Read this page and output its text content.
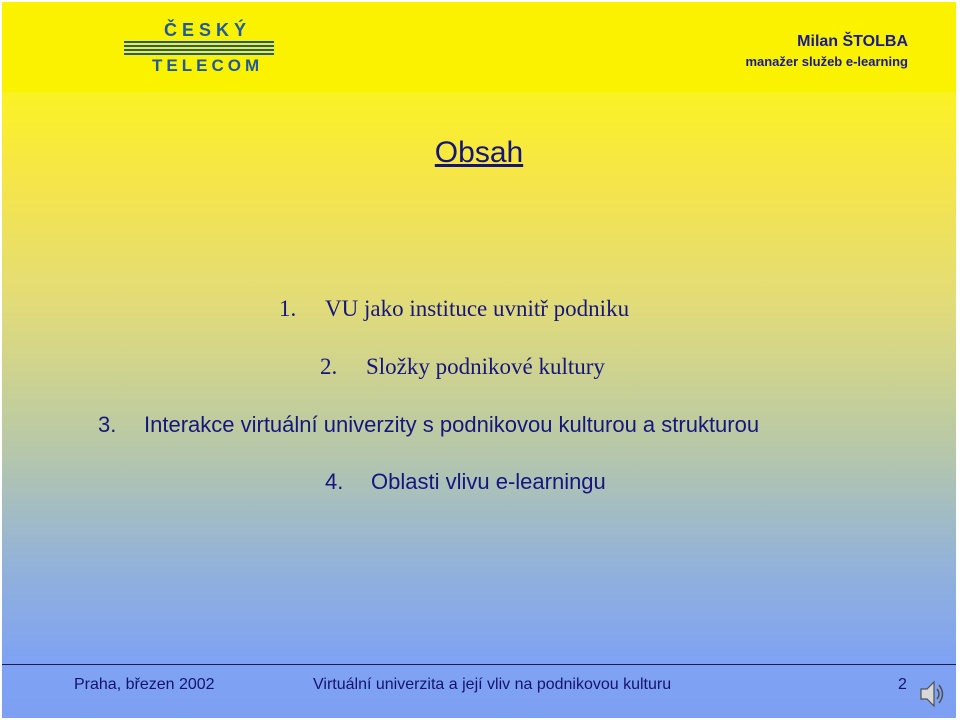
ČESKÝ
TELECOM
Milan ŠTOLBA
manažer služeb e-learning
Obsah
1. VU jako instituce uvnitř podniku
2. Složky podnikové kultury
3. Interakce virtuální univerzity s podnikovou kulturou a strukturou
4. Oblasti vlivu e-learningu
Praha, březen 2002	Virtuální univerzita a její vliv na podnikovou kulturu	2
